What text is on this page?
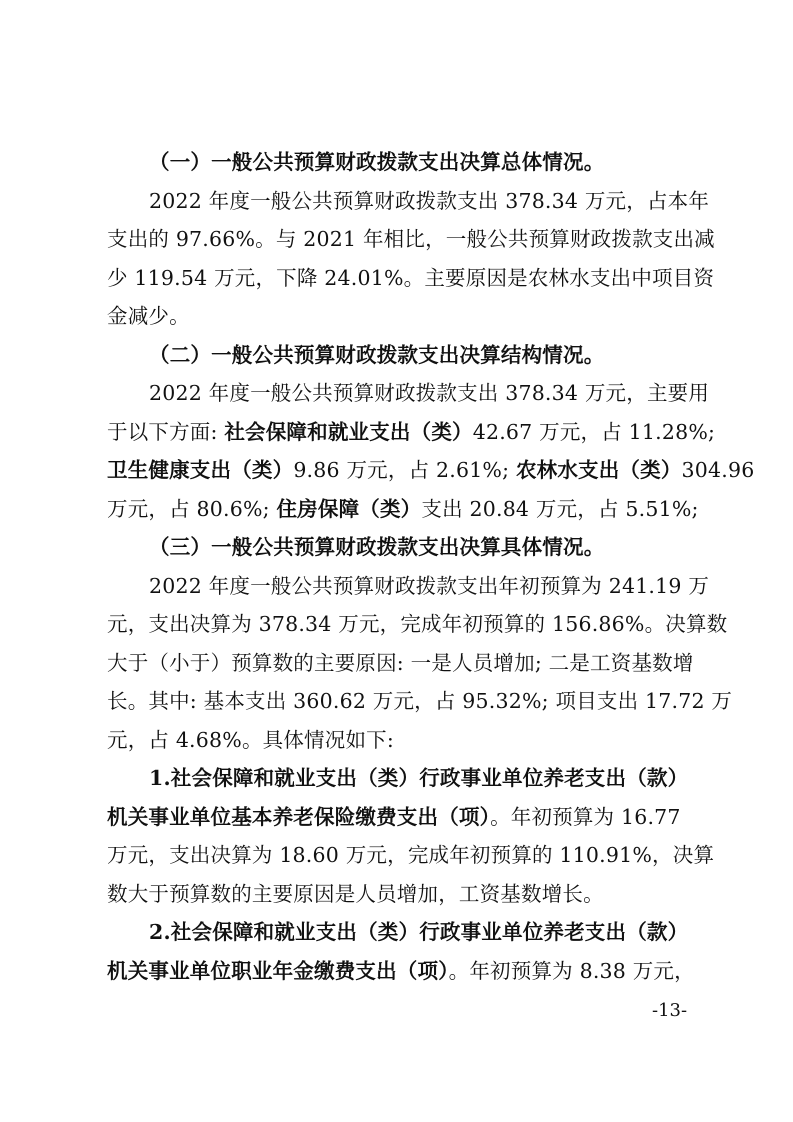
（一）一般公共预算财政拨款支出决算总体情况。
2022 年度一般公共预算财政拨款支出 378.34 万元，占本年
支出的 97.66%。与 2021 年相比，一般公共预算财政拨款支出减
少 119.54 万元，下降 24.01%。主要原因是农林水支出中项目资
金减少。
（二）一般公共预算财政拨款支出决算结构情况。
2022 年度一般公共预算财政拨款支出 378.34 万元，主要用
于以下方面: 社会保障和就业支出（类）42.67 万元，占 11.28%;
卫生健康支出（类）9.86 万元，占 2.61%; 农林水支出（类）304.96
万元，占 80.6%; 住房保障（类）支出 20.84 万元，占 5.51%;
（三）一般公共预算财政拨款支出决算具体情况。
2022 年度一般公共预算财政拨款支出年初预算为 241.19 万
元，支出决算为 378.34 万元，完成年初预算的 156.86%。决算数
大于（小于）预算数的主要原因: 一是人员增加; 二是工资基数增
长。其中: 基本支出 360.62 万元，占 95.32%; 项目支出 17.72 万
元，占 4.68%。具体情况如下:
1.社会保障和就业支出（类）行政事业单位养老支出（款）
机关事业单位基本养老保险缴费支出（项）。年初预算为 16.77
万元，支出决算为 18.60 万元，完成年初预算的 110.91%，决算
数大于预算数的主要原因是人员增加，工资基数增长。
2.社会保障和就业支出（类）行政事业单位养老支出（款）
机关事业单位职业年金缴费支出（项）。年初预算为 8.38 万元，
-13-
